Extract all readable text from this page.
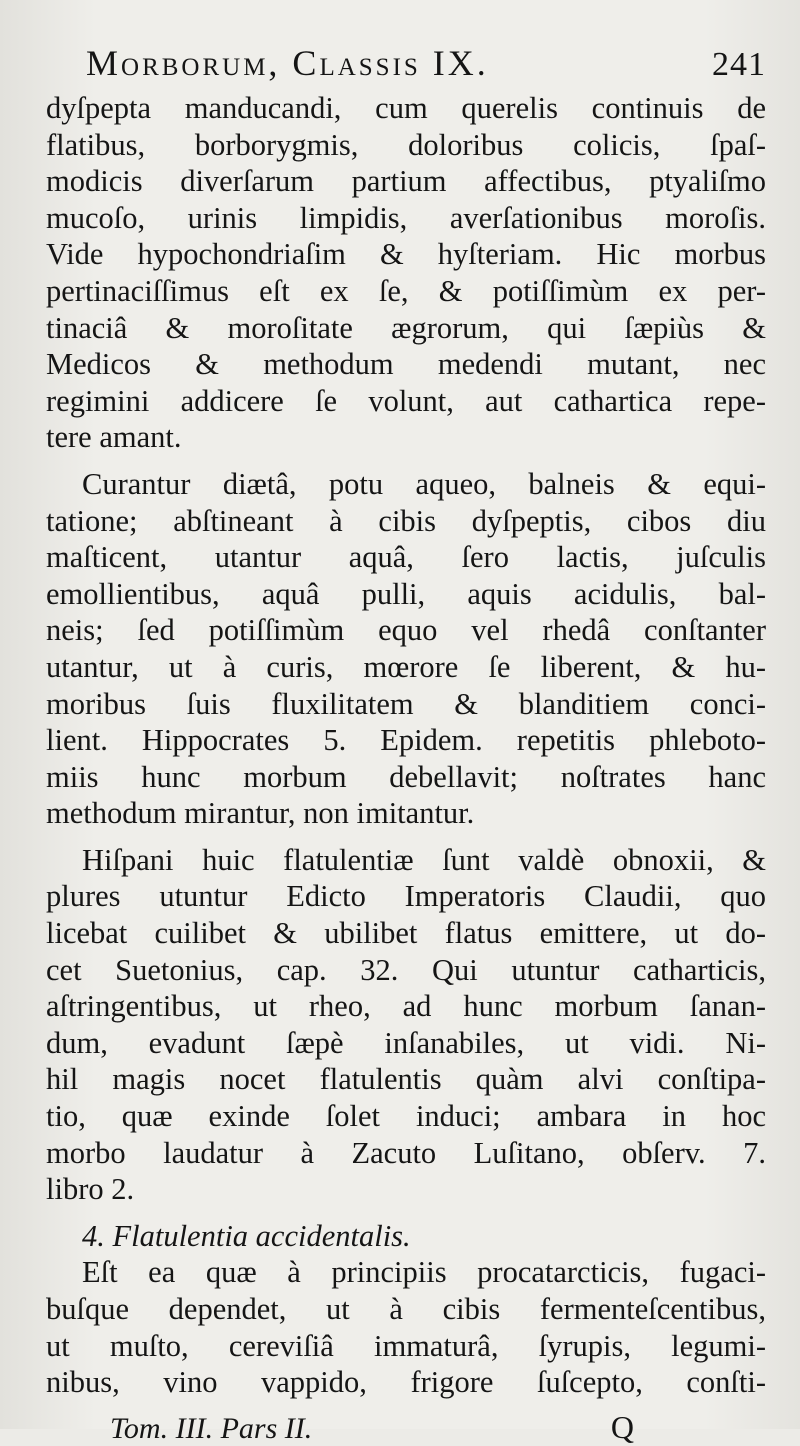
Morborum, Classis IX.	241
dyſpepta manducandi, cum querelis continuis de
flatibus, borborygmis, doloribus colicis, ſpaſ-
modicis diverſarum partium affectibus, ptyaliſmo
mucoſo, urinis limpidis, averſationibus moroſis.
Vide hypochondriaſim & hyſteriam. Hic morbus
pertinaciſſimus eſt ex ſe, & potiſſimùm ex per-
tinaciâ & moroſitate ægrorum, qui ſæpiùs &
Medicos & methodum medendi mutant, nec
regimini addicere ſe volunt, aut cathartica repe-
tere amant.
Curantur diætâ, potu aqueo, balneis & equi-
tatione; abſtineant à cibis dyſpeptis, cibos diu
maſticent, utantur aquâ, ſero lactis, juſculis
emollientibus, aquâ pulli, aquis acidulis, bal-
neis; ſed potiſſimùm equo vel rhedâ conſtanter
utantur, ut à curis, mœrore ſe liberent, & hu-
moribus ſuis fluxilitatem & blanditiem conci-
lient. Hippocrates 5. Epidem. repetitis phleboto-
miis hunc morbum debellavit; noſtrates hanc
methodum mirantur, non imitantur.
Hiſpani huic flatulentiæ ſunt valdè obnoxii, &
plures utuntur Edicto Imperatoris Claudii, quo
licebat cuilibet & ubilibet flatus emittere, ut do-
cet Suetonius, cap. 32. Qui utuntur catharticis,
aſtringentibus, ut rheo, ad hunc morbum ſanan-
dum, evadunt ſæpè inſanabiles, ut vidi. Ni-
hil magis nocet flatulentis quàm alvi conſtipa-
tio, quæ exinde ſolet induci; ambara in hoc
morbo laudatur à Zacuto Luſitano, obſerv. 7.
libro 2.
4. Flatulentia accidentalis.
Eſt ea quæ à principiis procatarcticis, fugaci-
buſque dependet, ut à cibis fermenteſcentibus,
ut muſto, cereviſiâ immaturâ, ſyrupis, legumi-
nibus, vino vappido, frigore ſuſcepto, conſti-
Tom. III. Pars II.	Q
